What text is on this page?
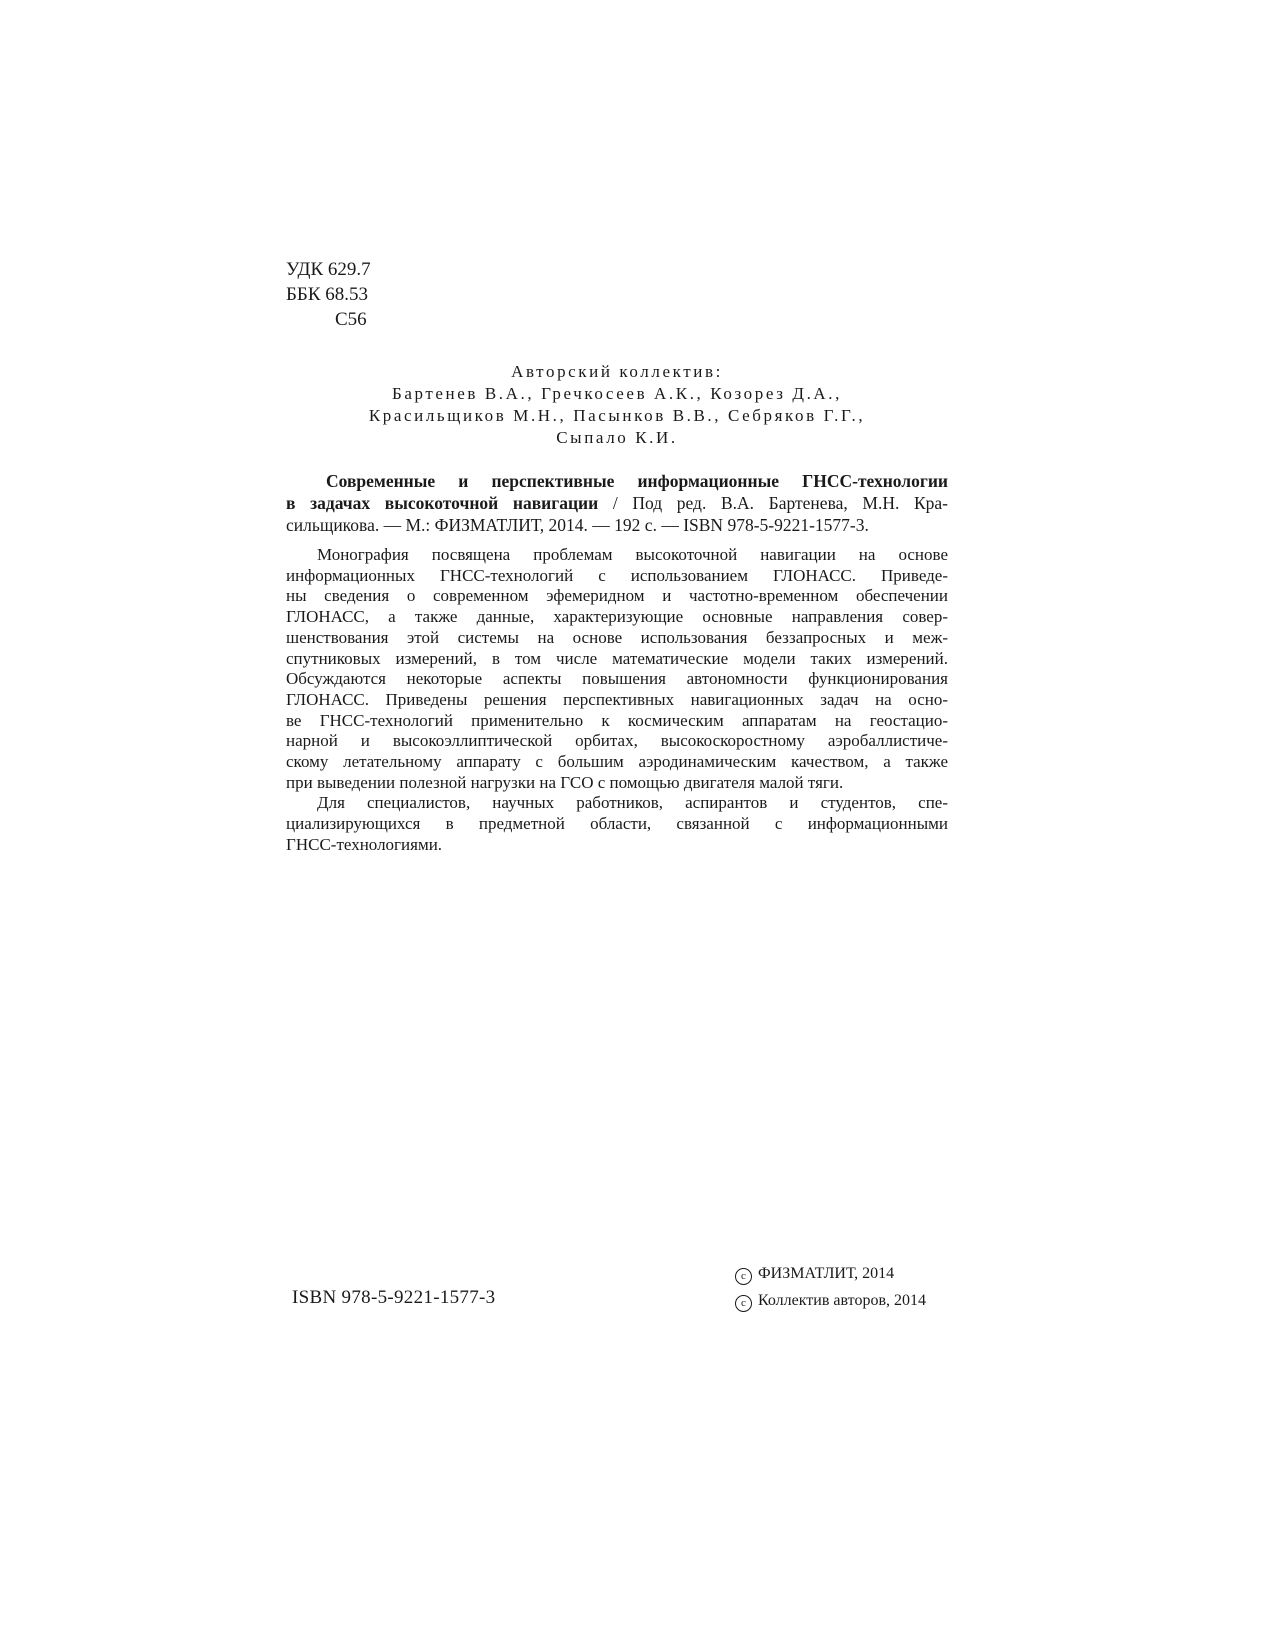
УДК 629.7
ББК 68.53
С56
Авторский коллектив:
Бартенев В.А., Гречкосеев А.К., Козорез Д.А.,
Красильщиков М.Н., Пасынков В.В., Себряков Г.Г.,
Сыпало К.И.
Современные и перспективные информационные ГНСС-технологии
в задачах высокоточной навигации / Под ред. В.А. Бартенева, М.Н. Кра-
сильщикова. — М.: ФИЗМАТЛИТ, 2014. — 192 с. — ISBN 978-5-9221-1577-3.
Монография посвящена проблемам высокоточной навигации на основе
информационных ГНСС-технологий с использованием ГЛОНАСС. Приведе-
ны сведения о современном эфемеридном и частотно-временном обеспечении
ГЛОНАСС, а также данные, характеризующие основные направления совер-
шенствования этой системы на основе использования беззапросных и меж-
спутниковых измерений, в том числе математические модели таких измерений.
Обсуждаются некоторые аспекты повышения автономности функционирования
ГЛОНАСС. Приведены решения перспективных навигационных задач на осно-
ве ГНСС-технологий применительно к космическим аппаратам на геостацио-
нарной и высокоэллиптической орбитах, высокоскоростному аэробаллистиче-
скому летательному аппарату с большим аэродинамическим качеством, а также
при выведении полезной нагрузки на ГСО с помощью двигателя малой тяги.
Для специалистов, научных работников, аспирантов и студентов, спе-
циализирующихся в предметной области, связанной с информационными
ГНСС-технологиями.
ISBN 978-5-9221-1577-3
c ФИЗМАТЛИТ, 2014
c Коллектив авторов, 2014
